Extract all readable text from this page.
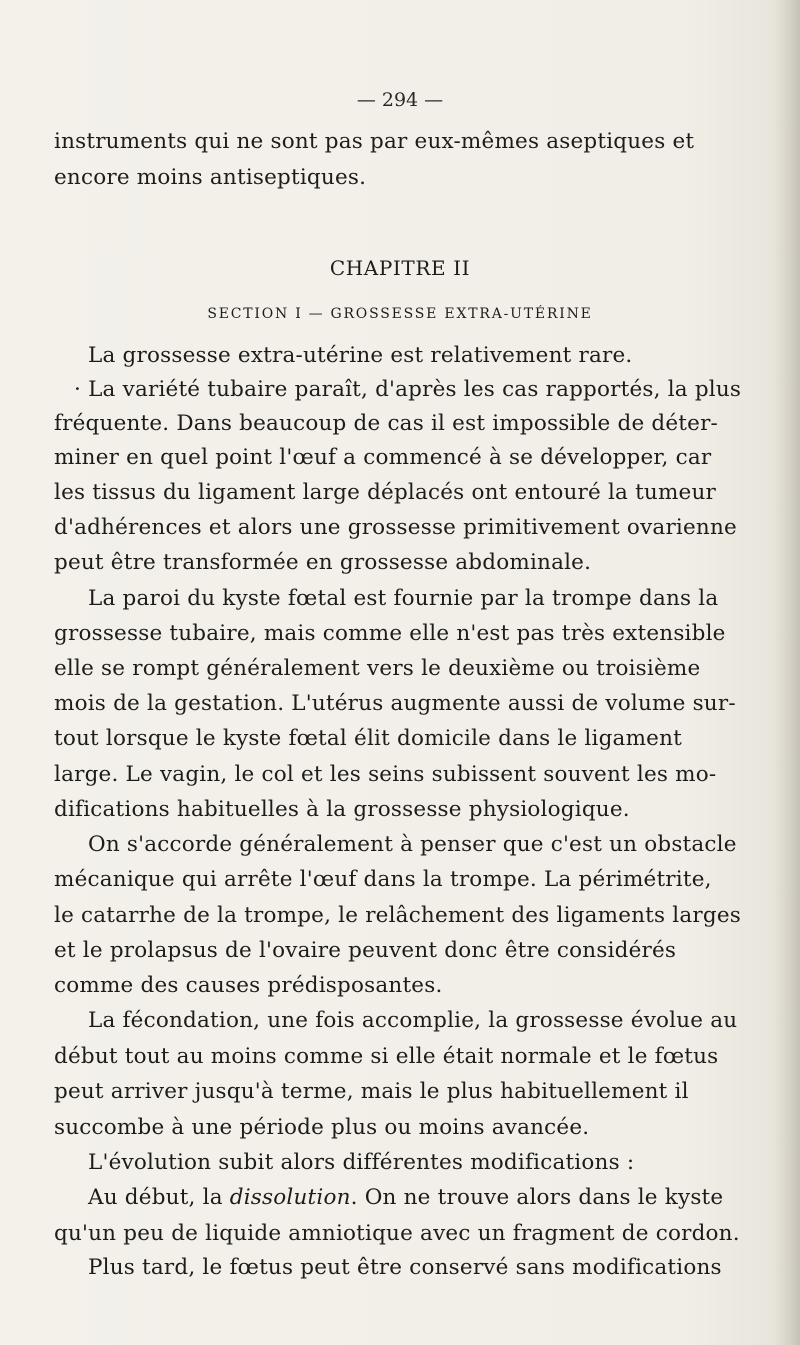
— 294 —
instruments qui ne sont pas par eux-mêmes aseptiques et
encore moins antiseptiques.
CHAPITRE II
SECTION I — GROSSESSE EXTRA-UTÉRINE
La grossesse extra-utérine est relativement rare.
· La variété tubaire paraît, d'après les cas rapportés, la plus
fréquente. Dans beaucoup de cas il est impossible de déter-
miner en quel point l'œuf a commencé à se développer, car
les tissus du ligament large déplacés ont entouré la tumeur
d'adhérences et alors une grossesse primitivement ovarienne
peut être transformée en grossesse abdominale.
La paroi du kyste fœtal est fournie par la trompe dans la
grossesse tubaire, mais comme elle n'est pas très extensible
elle se rompt généralement vers le deuxième ou troisième
mois de la gestation. L'utérus augmente aussi de volume sur-
tout lorsque le kyste fœtal élit domicile dans le ligament
large. Le vagin, le col et les seins subissent souvent les mo-
difications habituelles à la grossesse physiologique.
On s'accorde généralement à penser que c'est un obstacle
mécanique qui arrête l'œuf dans la trompe. La périmétrite,
le catarrhe de la trompe, le relâchement des ligaments larges
et le prolapsus de l'ovaire peuvent donc être considérés
comme des causes prédisposantes.
La fécondation, une fois accomplie, la grossesse évolue au
début tout au moins comme si elle était normale et le fœtus
peut arriver jusqu'à terme, mais le plus habituellement il
succombe à une période plus ou moins avancée.
L'évolution subit alors différentes modifications :
Au début, la dissolution. On ne trouve alors dans le kyste
qu'un peu de liquide amniotique avec un fragment de cordon.
Plus tard, le fœtus peut être conservé sans modifications
